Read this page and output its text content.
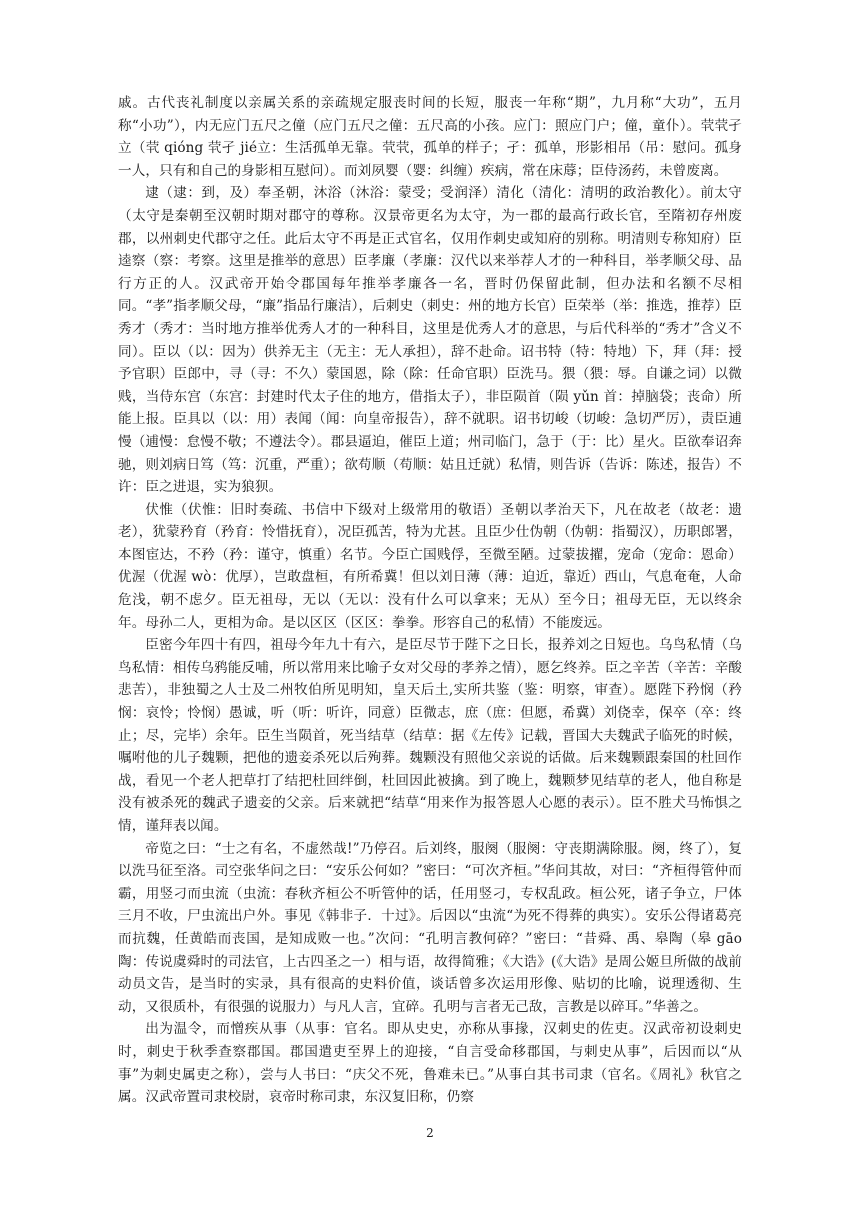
戚。古代丧礼制度以亲属关系的亲疏规定服丧时间的长短，服丧一年称“期”，九月称“大功”，五月称“小功”），内无应门五尺之僮（应门五尺之僮：五尺高的小孩。应门：照应门户；僮，童仆）。茕茕孑立（茕 qióng 茕孑 jié立：生活孤单无靠。茕茕，孤单的样子；孑：孤单，形影相吊（吊：慰问。孤身一人，只有和自己的身影相互慰问）。而刘夙婴（婴：纠缠）疾病，常在床蓐；臣侍汤药，未曾废离。

逮（逮：到，及）奉圣朝，沐浴（沐浴：蒙受；受润泽）清化（清化：清明的政治教化）。前太守（太守是秦朝至汉朝时期对郡守的尊称。汉景帝更名为太守，为一郡的最高行政长官，至隋初存州废郡，以州刺史代郡守之任。此后太守不再是正式官名，仅用作刺史或知府的别称。明清则专称知府）臣逵察（察：考察。这里是推举的意思）臣孝廉（孝廉：汉代以来举荐人才的一种科目，举孝顺父母、品行方正的人。汉武帝开始令郡国每年推举孝廉各一名，晋时仍保留此制，但办法和名额不尽相同。“孝”指孝顺父母，“廉”指品行廉洁），后刺史（刺史：州的地方长官）臣荣举（举：推选，推荐）臣秀才（秀才：当时地方推举优秀人才的一种科目，这里是优秀人才的意思，与后代科举的“秀才”含义不同）。臣以（以：因为）供养无主（无主：无人承担），辞不赴命。诏书特（特：特地）下，拜（拜：授予官职）臣郎中，寻（寻：不久）蒙国恩，除（除：任命官职）臣洗马。猥（猥：辱。自谦之词）以微贱，当侍东宫（东宫：封建时代太子住的地方，借指太子），非臣陨首（陨 yǔn 首：掉脑袋；丧命）所能上报。臣具以（以：用）表闻（闻：向皇帝报告），辞不就职。诏书切峻（切峻：急切严厉），责臣逋慢（逋慢：怠慢不敬；不遵法令）。郡县逼迫，催臣上道；州司临门，急于（于：比）星火。臣欲奉诏奔驰，则刘病日笃（笃：沉重，严重）；欲苟顺（苟顺：姑且迁就）私情，则告诉（告诉：陈述，报告）不许：臣之进退，实为狼狈。

伏惟（伏惟：旧时奏疏、书信中下级对上级常用的敬语）圣朝以孝治天下，凡在故老（故老：遗老），犹蒙矜育（矜育：怜惜抚育），况臣孤苦，特为尤甚。且臣少仕伪朝（伪朝：指蜀汉），历职郎署，本图宦达，不矜（矜：谨守，慎重）名节。今臣亡国贱俘，至微至陋。过蒙拔擢，宠命（宠命：恩命）优渥（优渥 wò：优厚），岂敢盘桓，有所希冀！但以刘日薄（薄：迫近，靠近）西山，气息奄奄，人命危浅，朝不虑夕。臣无祖母，无以（无以：没有什么可以拿来；无从）至今日；祖母无臣，无以终余年。母孙二人，更相为命。是以区区（区区：拳拳。形容自己的私情）不能废远。

臣密今年四十有四，祖母今年九十有六，是臣尽节于陛下之日长，报养刘之日短也。乌鸟私情（乌鸟私情：相传乌鸦能反哺，所以常用来比喻子女对父母的孝养之情），愿乞终养。臣之辛苦（辛苦：辛酸悲苦），非独蜀之人士及二州牧伯所见明知，皇天后土,实所共鉴（鉴：明察，审查）。愿陛下矜悯（矜悯：哀怜；怜悯）愚诚，听（听：听许，同意）臣微志，庶（庶：但愿，希冀）刘侥幸，保卒（卒：终止；尽，完毕）余年。臣生当陨首，死当结草（结草：据《左传》记载，晋国大夫魏武子临死的时候，嘱咐他的儿子魏颗，把他的遗妾杀死以后殉葬。魏颗没有照他父亲说的话做。后来魏颗跟秦国的杜回作战，看见一个老人把草打了结把杜回绊倒，杜回因此被擒。到了晚上，魏颗梦见结草的老人，他自称是没有被杀死的魏武子遗妾的父亲。后来就把“结草“用来作为报答恩人心愿的表示）。臣不胜犬马怖惧之情，谨拜表以闻。

帝览之曰：“士之有名，不虚然哉!”乃停召。后刘终，服阕（服阕：守丧期满除服。阕，终了），复以洗马征至洛。司空张华问之曰：“安乐公何如？”密曰：“可次齐桓。”华问其故，对曰：“齐桓得管仲而霸，用竖刁而虫流（虫流：春秋齐桓公不听管仲的话，任用竖刁，专权乱政。桓公死，诸子争立，尸体三月不收，尸虫流出户外。事见《韩非子．十过》。后因以“虫流“为死不得葬的典实）。安乐公得诸葛亮而抗魏，任黄皓而丧国，是知成败一也。”次问：“孔明言教何碎？”密曰：“昔舜、禹、皋陶（皋 gāo 陶：传说虞舜时的司法官，上古四圣之一）相与语，故得简雅；《大诰》(《大诰》是周公姬旦所做的战前动员文告，是当时的实录，具有很高的史料价值，谈话曾多次运用形像、贴切的比喻，说理透彻、生动，又很质朴，有很强的说服力）与凡人言，宜碎。孔明与言者无己敌，言教是以碎耳。”华善之。

出为温令，而憎疾从事（从事：官名。即从史史，亦称从事掾，汉刺史的佐吏。汉武帝初设刺史时，刺史于秋季查察郡国。郡国遣吏至界上的迎接，“自言受命移郡国，与刺史从事”，后因而以“从事”为刺史属吏之称），尝与人书曰：“庆父不死，鲁难未已。”从事白其书司隶（官名。《周礼》秋官之属。汉武帝置司隶校尉，哀帝时称司隶，东汉复旧称，仍察

2
